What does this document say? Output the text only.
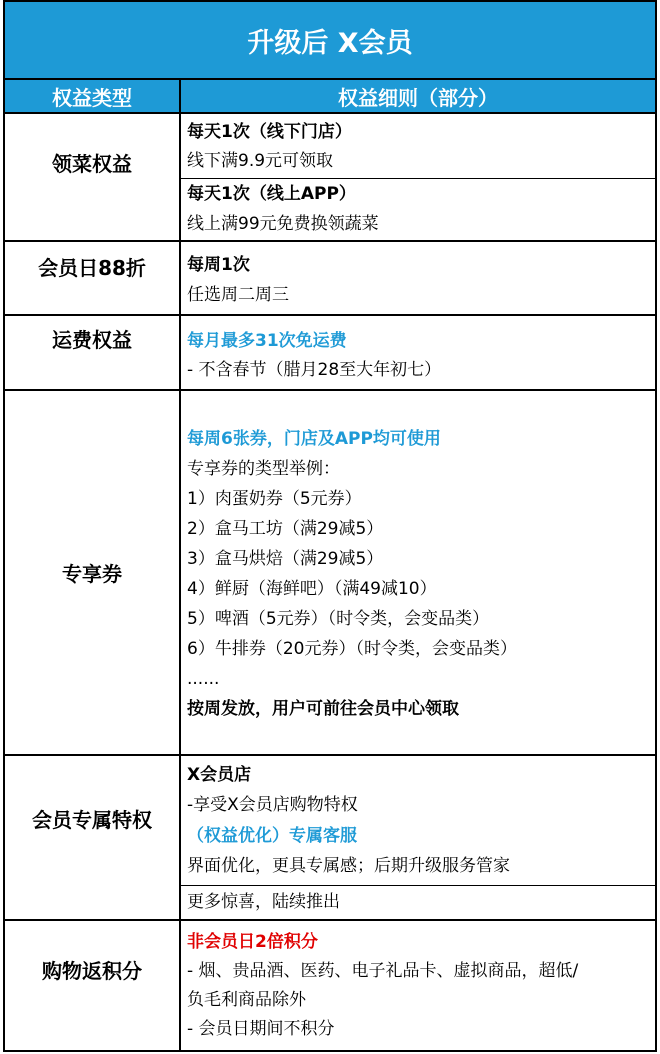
升级后 X会员
权益类型	权益细则（部分）
领菜权益
每天1次（线下门店）
线下满9.9元可领取
每天1次（线上APP）
线上满99元免费换领蔬菜
会员日88折 每周1次
任选周二周三
运费权益	每月最多31次免运费
- 不含春节（腊月28至大年初七）
专享券
每周6张券，门店及APP均可使用
专享券的类型举例：
1）肉蛋奶券（5元券）
2）盒马工坊（满29减5）
3）盒马烘焙（满29减5）
4）鲜厨（海鲜吧）（满49减10）
5）啤酒（5元券）（时令类，会变品类）
6）牛排券（20元券）（时令类，会变品类）
......
按周发放，用户可前往会员中心领取
会员专属特权
X会员店
-享受X会员店购物特权
（权益优化）专属客服
界面优化，更具专属感；后期升级服务管家
更多惊喜，陆续推出
购物返积分
非会员日2倍积分
- 烟、贵品酒、医药、电子礼品卡、虚拟商品，超低/
负毛利商品除外
- 会员日期间不积分
